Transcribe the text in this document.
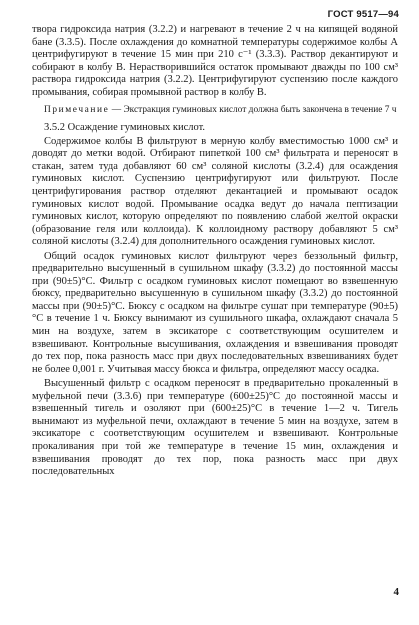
ГОСТ 9517—94

твора гидроксида натрия (3.2.2) и нагревают в течение 2 ч на кипящей водяной бане (3.3.5). После охлаждения до комнатной температуры содержимое колбы А центрифугируют в течение 15 мин при 210 с⁻¹ (3.3.3). Раствор декантируют и собирают в колбу В. Нерастворившийся остаток промывают дважды по 100 см³ раствора гидроксида натрия (3.2.2). Центрифугируют суспензию после каждого промывания, собирая промывной раствор в колбу В.

Примечание — Экстракция гуминовых кислот должна быть закончена в течение 7 ч

3.5.2 Осаждение гуминовых кислот.

Содержимое колбы В фильтруют в мерную колбу вместимостью 1000 см³ и доводят до метки водой. Отбирают пипеткой 100 см³ фильтрата и переносят в стакан, затем туда добавляют 60 см³ соляной кислоты (3.2.4) для осаждения гуминовых кислот. Суспензию центрифугируют или фильтруют. После центрифугирования раствор отделяют декантацией и промывают осадок гуминовых кислот водой. Промывание осадка ведут до начала пептизации гуминовых кислот, которую определяют по появлению слабой желтой окраски (образование геля или коллоида). К коллоидному раствору добавляют 5 см³ соляной кислоты (3.2.4) для дополнительного осаждения гуминовых кислот.

Общий осадок гуминовых кислот фильтруют через беззольный фильтр, предварительно высушенный в сушильном шкафу (3.3.2) до постоянной массы при (90±5)°С. Фильтр с осадком гуминовых кислот помещают во взвешенную бюксу, предварительно высушенную в сушильном шкафу (3.3.2) до постоянной массы при (90±5)°С. Бюксу с осадком на фильтре сушат при температуре (90±5)°С в течение 1 ч. Бюксу вынимают из сушильного шкафа, охлаждают сначала 5 мин на воздухе, затем в эксикаторе с соответствующим осушителем и взвешивают. Контрольные высушивания, охлаждения и взвешивания проводят до тех пор, пока разность масс при двух последовательных взвешиваниях будет не более 0,001 г. Учитывая массу бюкса и фильтра, определяют массу осадка.

Высушенный фильтр с осадком переносят в предварительно прокаленный в муфельной печи (3.3.6) при температуре (600±25)°С до постоянной массы и взвешенный тигель и озоляют при (600±25)°С в течение 1—2 ч. Тигель вынимают из муфельной печи, охлаждают в течение 5 мин на воздухе, затем в эксикаторе с соответствующим осушителем и взвешивают. Контрольные прокаливания при той же температуре в течение 15 мин, охлаждения и взвешивания проводят до тех пор, пока разность масс при двух последовательных

4
